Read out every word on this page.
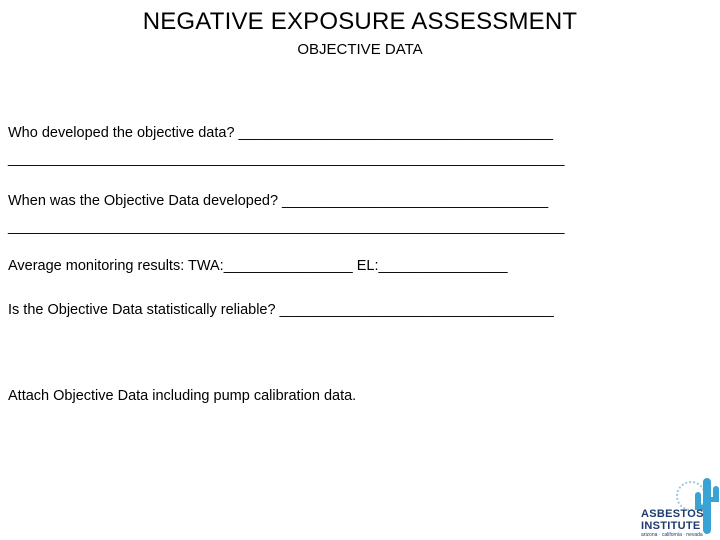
NEGATIVE EXPOSURE ASSESSMENT
OBJECTIVE DATA
Who developed the objective data? _______________________________________
_____________________________________________________________________
When was the Objective Data developed? _________________________________
_____________________________________________________________________
Average monitoring results: TWA:________________ EL:________________
Is the Objective Data statistically reliable? __________________________________
Attach Objective Data including pump calibration data.
ASBESTOS
INSTITUTE
arizona · california · nevada
